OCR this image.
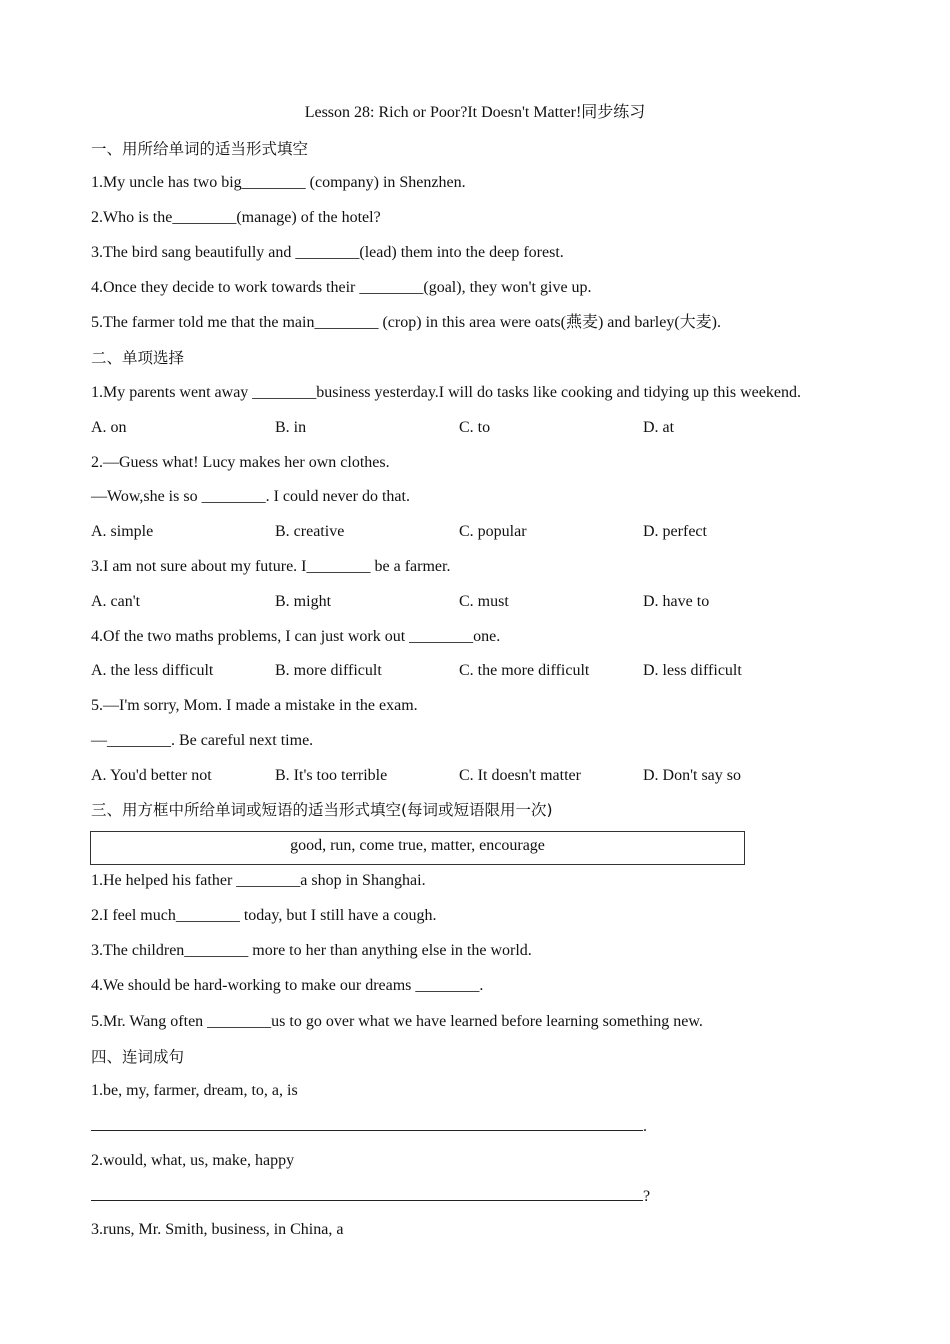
Lesson 28: Rich or Poor?It Doesn't Matter!同步练习
一、用所给单词的适当形式填空
1.My uncle has two big________ (company) in Shenzhen.
2.Who is the________(manage) of the hotel?
3.The bird sang beautifully and ________(lead) them into the deep forest.
4.Once they decide to work towards their ________(goal), they won't give up.
5.The farmer told me that the main________ (crop) in this area were oats(燕麦) and barley(大麦).
二、单项选择
1.My parents went away ________business yesterday.I will do tasks like cooking and tidying up this weekend.
A. on	B. in	C. to	D. at
2.—Guess what! Lucy makes her own clothes.
—Wow,she is so ________. I could never do that.
A. simple	B. creative	C. popular	D. perfect
3.I am not sure about my future. I________ be a farmer.
A. can't	B. might	C. must	D. have to
4.Of the two maths problems, I can just work out ________one.
A. the less difficult	B. more difficult	C. the more difficult	D. less difficult
5.—I'm sorry, Mom. I made a mistake in the exam.
—________. Be careful next time.
A. You'd better not	B. It's too terrible	C. It doesn't matter	D. Don't say so
三、用方框中所给单词或短语的适当形式填空(每词或短语限用一次)
good, run, come true, matter, encourage
1.He helped his father ________a shop in Shanghai.
2.I feel much________ today, but I still have a cough.
3.The children________ more to her than anything else in the world.
4.We should be hard-working to make our dreams ________.
5.Mr. Wang often ________us to go over what we have learned before learning something new.
四、连词成句
1.be, my, farmer, dream, to, a, is
.
2.would, what, us, make, happy
?
3.runs, Mr. Smith, business, in China, a
